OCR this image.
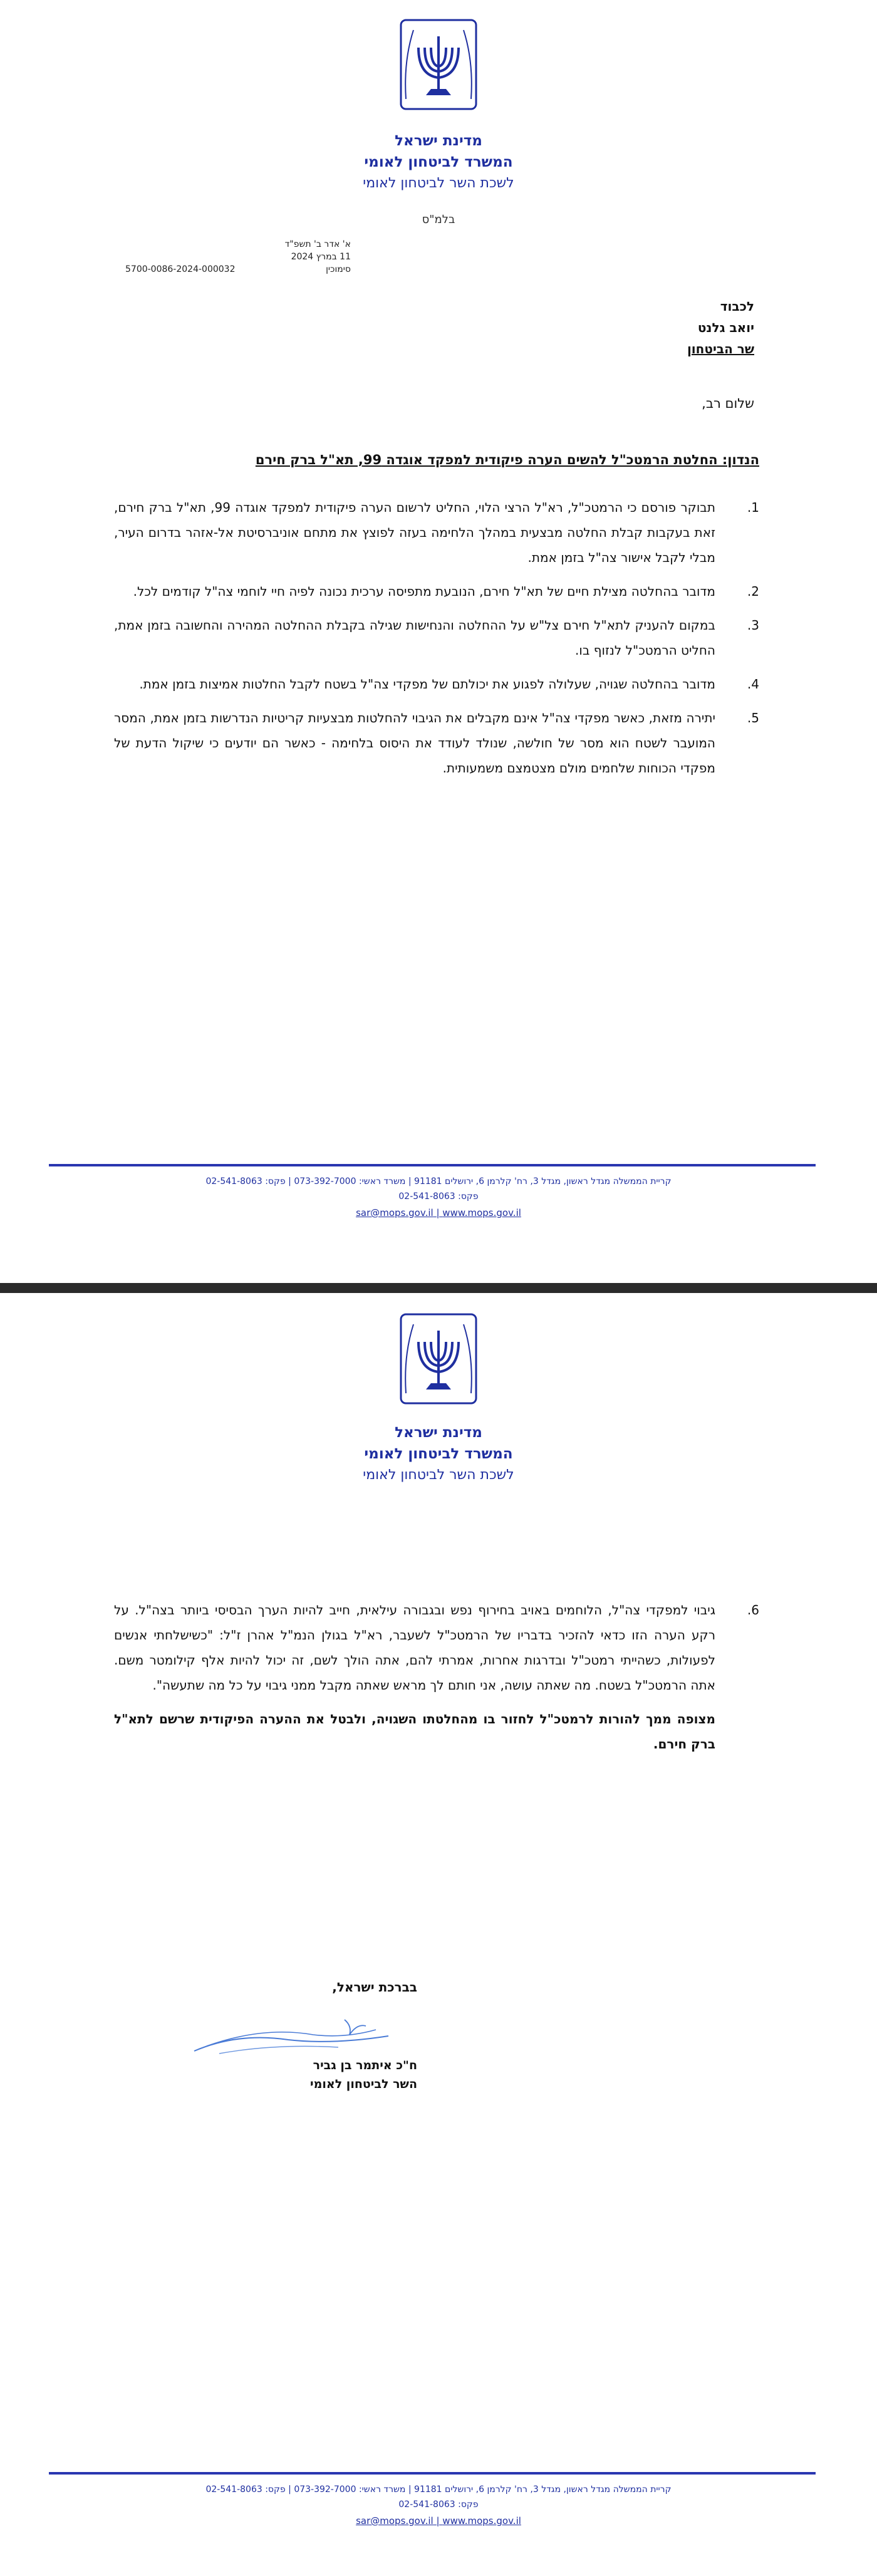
מדינת ישראל
המשרד לביטחון לאומי
לשכת השר לביטחון לאומי
בלמ"ס
א' אדר ב' תשפ"ד
11 במרץ 2024
סימוכין
5700-0086-2024-000032
לכבוד
יואב גלנט
שר הביטחון
שלום רב,
הנדון: החלטת הרמטכ"ל להשים הערה פיקודית למפקד אוגדה 99, תא"ל ברק חירם
1.
תבוקר פורסם כי הרמטכ"ל, רא"ל הרצי הלוי, החליט לרשום הערה פיקודית למפקד אוגדה 99, תא"ל ברק חירם, זאת בעקבות קבלת החלטה מבצעית במהלך הלחימה בעזה לפוצץ את מתחם אוניברסיטת אל-אזהר בדרום העיר, מבלי לקבל אישור צה"ל בזמן אמת.
2.
מדובר בהחלטה מצילת חיים של תא"ל חירם, הנובעת מתפיסה ערכית נכונה לפיה חיי לוחמי צה"ל קודמים לכל.
3.
במקום להעניק לתא"ל חירם צל"ש על ההחלטה והנחישות שגילה בקבלת ההחלטה המהירה והחשובה בזמן אמת, החליט הרמטכ"ל לנזוף בו.
4.
מדובר בהחלטה שגויה, שעלולה לפגוע את יכולתם של מפקדי צה"ל בשטח לקבל החלטות אמיצות בזמן אמת.
5.
יתירה מזאת, כאשר מפקדי צה"ל אינם מקבלים את הגיבוי להחלטות מבצעיות קריטיות הנדרשות בזמן אמת, המסר המועבר לשטח הוא מסר של חולשה, שנולד לעודד את היסוס בלחימה - כאשר הם יודעים כי שיקול הדעת של מפקדי הכוחות שלחמים מולם מצטמצם משמעותית.
קריית הממשלה מגדל ראשון, מגדל 3, רח' קלרמן 6, ירושלים 91181 | משרד ראשי: 073-392-7000 | פקס: 02-541-8063
02-541-8063 :פקס
sar@mops.gov.il | www.mops.gov.il
מדינת ישראל
המשרד לביטחון לאומי
לשכת השר לביטחון לאומי
6.
גיבוי למפקדי צה"ל, הלוחמים באויב בחירוף נפש ובגבורה עילאית, חייב להיות הערך הבסיסי ביותר בצה"ל. על רקע הערה הזו כדאי להזכיר בדבריו של הרמטכ"ל לשעבר, רא"ל בגולן הנמ"ל אהרן ז"ל: "כשישלחתי אנשים לפעולות, כשהייתי רמטכ"ל ובדרגות אחרות, אמרתי להם, אתה הולך לשם, זה יכול להיות אלף קילומטר משם. אתה הרמטכ"ל בשטח. מה שאתה עושה, אני חותם לך מראש שאתה מקבל ממני גיבוי על כל מה שתעשה".
מצופה ממך להורות לרמטכ"ל לחזור בו מהחלטתו השגויה, ולבטל את ההערה הפיקודית שרשם לתא"ל ברק חירם.
בברכת ישראל,
ח"כ איתמר בן גביר
השר לביטחון לאומי
קריית הממשלה מגדל ראשון, מגדל 3, רח' קלרמן 6, ירושלים 91181 | משרד ראשי: 073-392-7000 | פקס: 02-541-8063
02-541-8063 :פקס
sar@mops.gov.il | www.mops.gov.il
